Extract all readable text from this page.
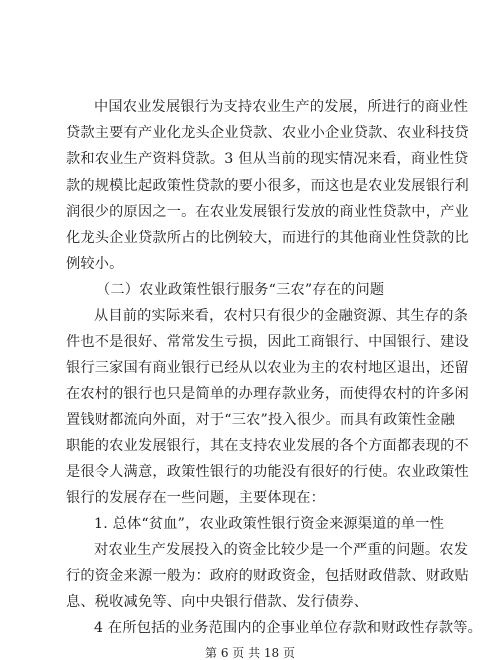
中国农业发展银行为支持农业生产的发展，所进行的商业性
贷款主要有产业化龙头企业贷款、农业小企业贷款、农业科技贷
款和农业生产资料贷款。3 但从当前的现实情况来看，商业性贷
款的规模比起政策性贷款的要小很多，而这也是农业发展银行利
润很少的原因之一。在农业发展银行发放的商业性贷款中，产业
化龙头企业贷款所占的比例较大，而进行的其他商业性贷款的比
例较小。
（二）农业政策性银行服务“三农”存在的问题
从目前的实际来看，农村只有很少的金融资源、其生存的条
件也不是很好、常常发生亏损，因此工商银行、中国银行、建设
银行三家国有商业银行已经从以农业为主的农村地区退出，还留
在农村的银行也只是简单的办理存款业务，而使得农村的许多闲
置钱财都流向外面，对于“三农”投入很少。而具有政策性金融
职能的农业发展银行，其在支持农业发展的各个方面都表现的不
是很令人满意，政策性银行的功能没有很好的行使。农业政策性
银行的发展存在一些问题，主要体现在：
1. 总体“贫血”，农业政策性银行资金来源渠道的单一性
对农业生产发展投入的资金比较少是一个严重的问题。农发
行的资金来源一般为：政府的财政资金，包括财政借款、财政贴
息、税收减免等、向中央银行借款、发行债券、
4 在所包括的业务范围内的企事业单位存款和财政性存款等。
第 6 页 共 18 页
